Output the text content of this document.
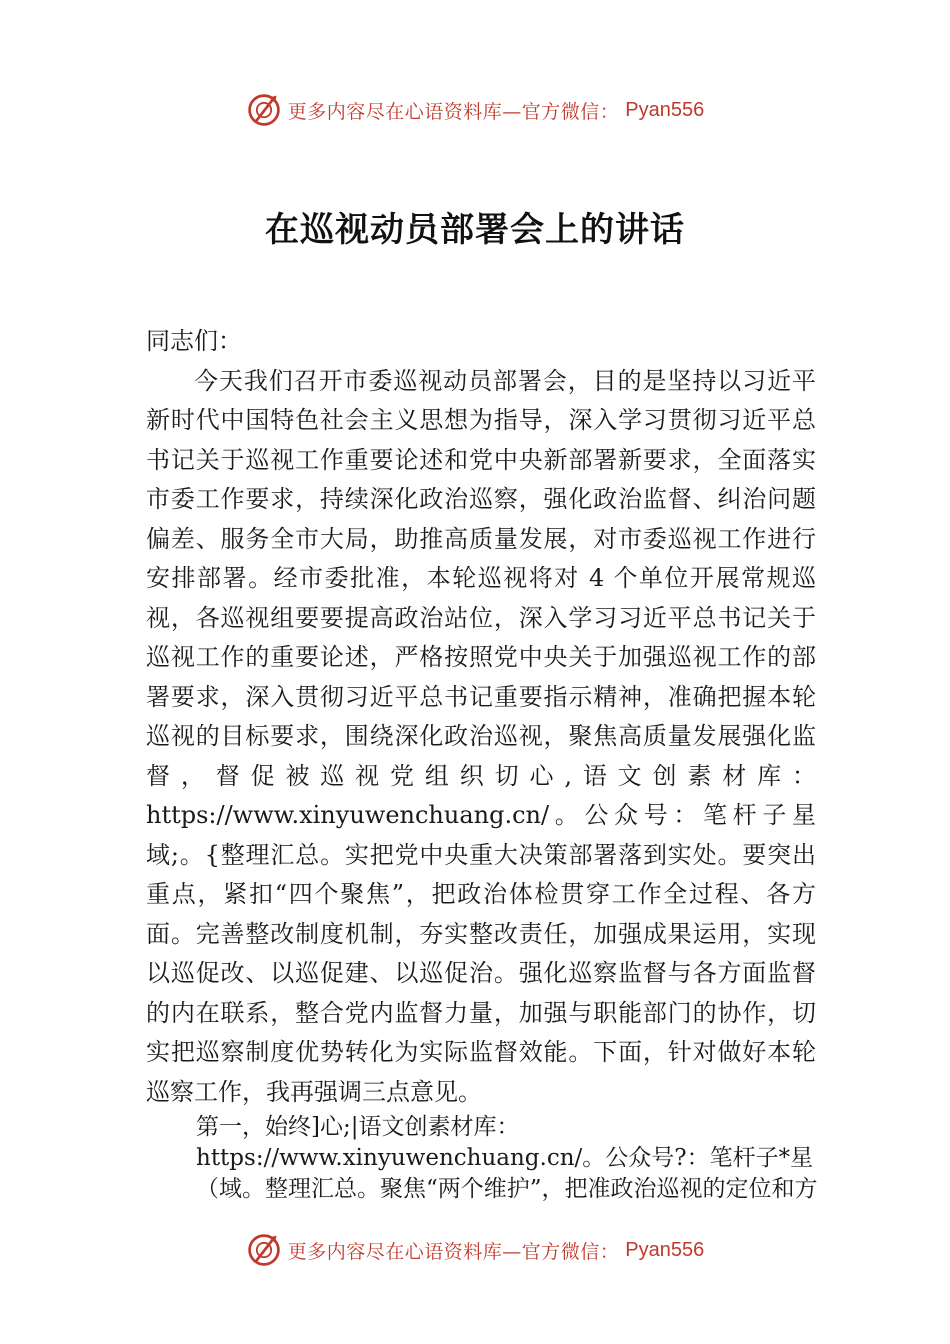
更多内容尽在心语资料库—官方微信： Pyan556
在巡视动员部署会上的讲话

同志们：

今天我们召开市委巡视动员部署会，目的是坚持以习近平新时代中国特色社会主义思想为指导，深入学习贯彻习近平总书记关于巡视工作重要论述和党中央新部署新要求，全面落实市委工作要求，持续深化政治巡察，强化政治监督、纠治问题偏差、服务全市大局，助推高质量发展，对市委巡视工作进行安排部署。经市委批准，本轮巡视将对 4 个单位开展常规巡视，各巡视组要要提高政治站位，深入学习习近平总书记关于巡视工作的重要论述，严格按照党中央关于加强巡视工作的部署要求，深入贯彻习近平总书记重要指示精神，准确把握本轮巡视的目标要求，围绕深化政治巡视，聚焦高质量发展强化监督，督促被巡视党组织切心,语文创素材库：https://www.xinyuwenchuang.cn/。公众号：笔杆子星域;。{整理汇总。实把党中央重大决策部署落到实处。要突出重点，紧扣“四个聚焦”，把政治体检贯穿工作全过程、各方面。完善整改制度机制，夯实整改责任，加强成果运用，实现以巡促改、以巡促建、以巡促治。强化巡察监督与各方面监督的内在联系，整合党内监督力量，加强与职能部门的协作，切实把巡察制度优势转化为实际监督效能。下面，针对做好本轮巡察工作，我再强调三点意见。

第一，始终]心;|语文创素材库：https://www.xinyuwenchuang.cn/。公众号?：笔杆子*星（域。整理汇总。聚焦“两个维护”，把准政治巡视的定位和方

更多内容尽在心语资料库—官方微信： Pyan556
